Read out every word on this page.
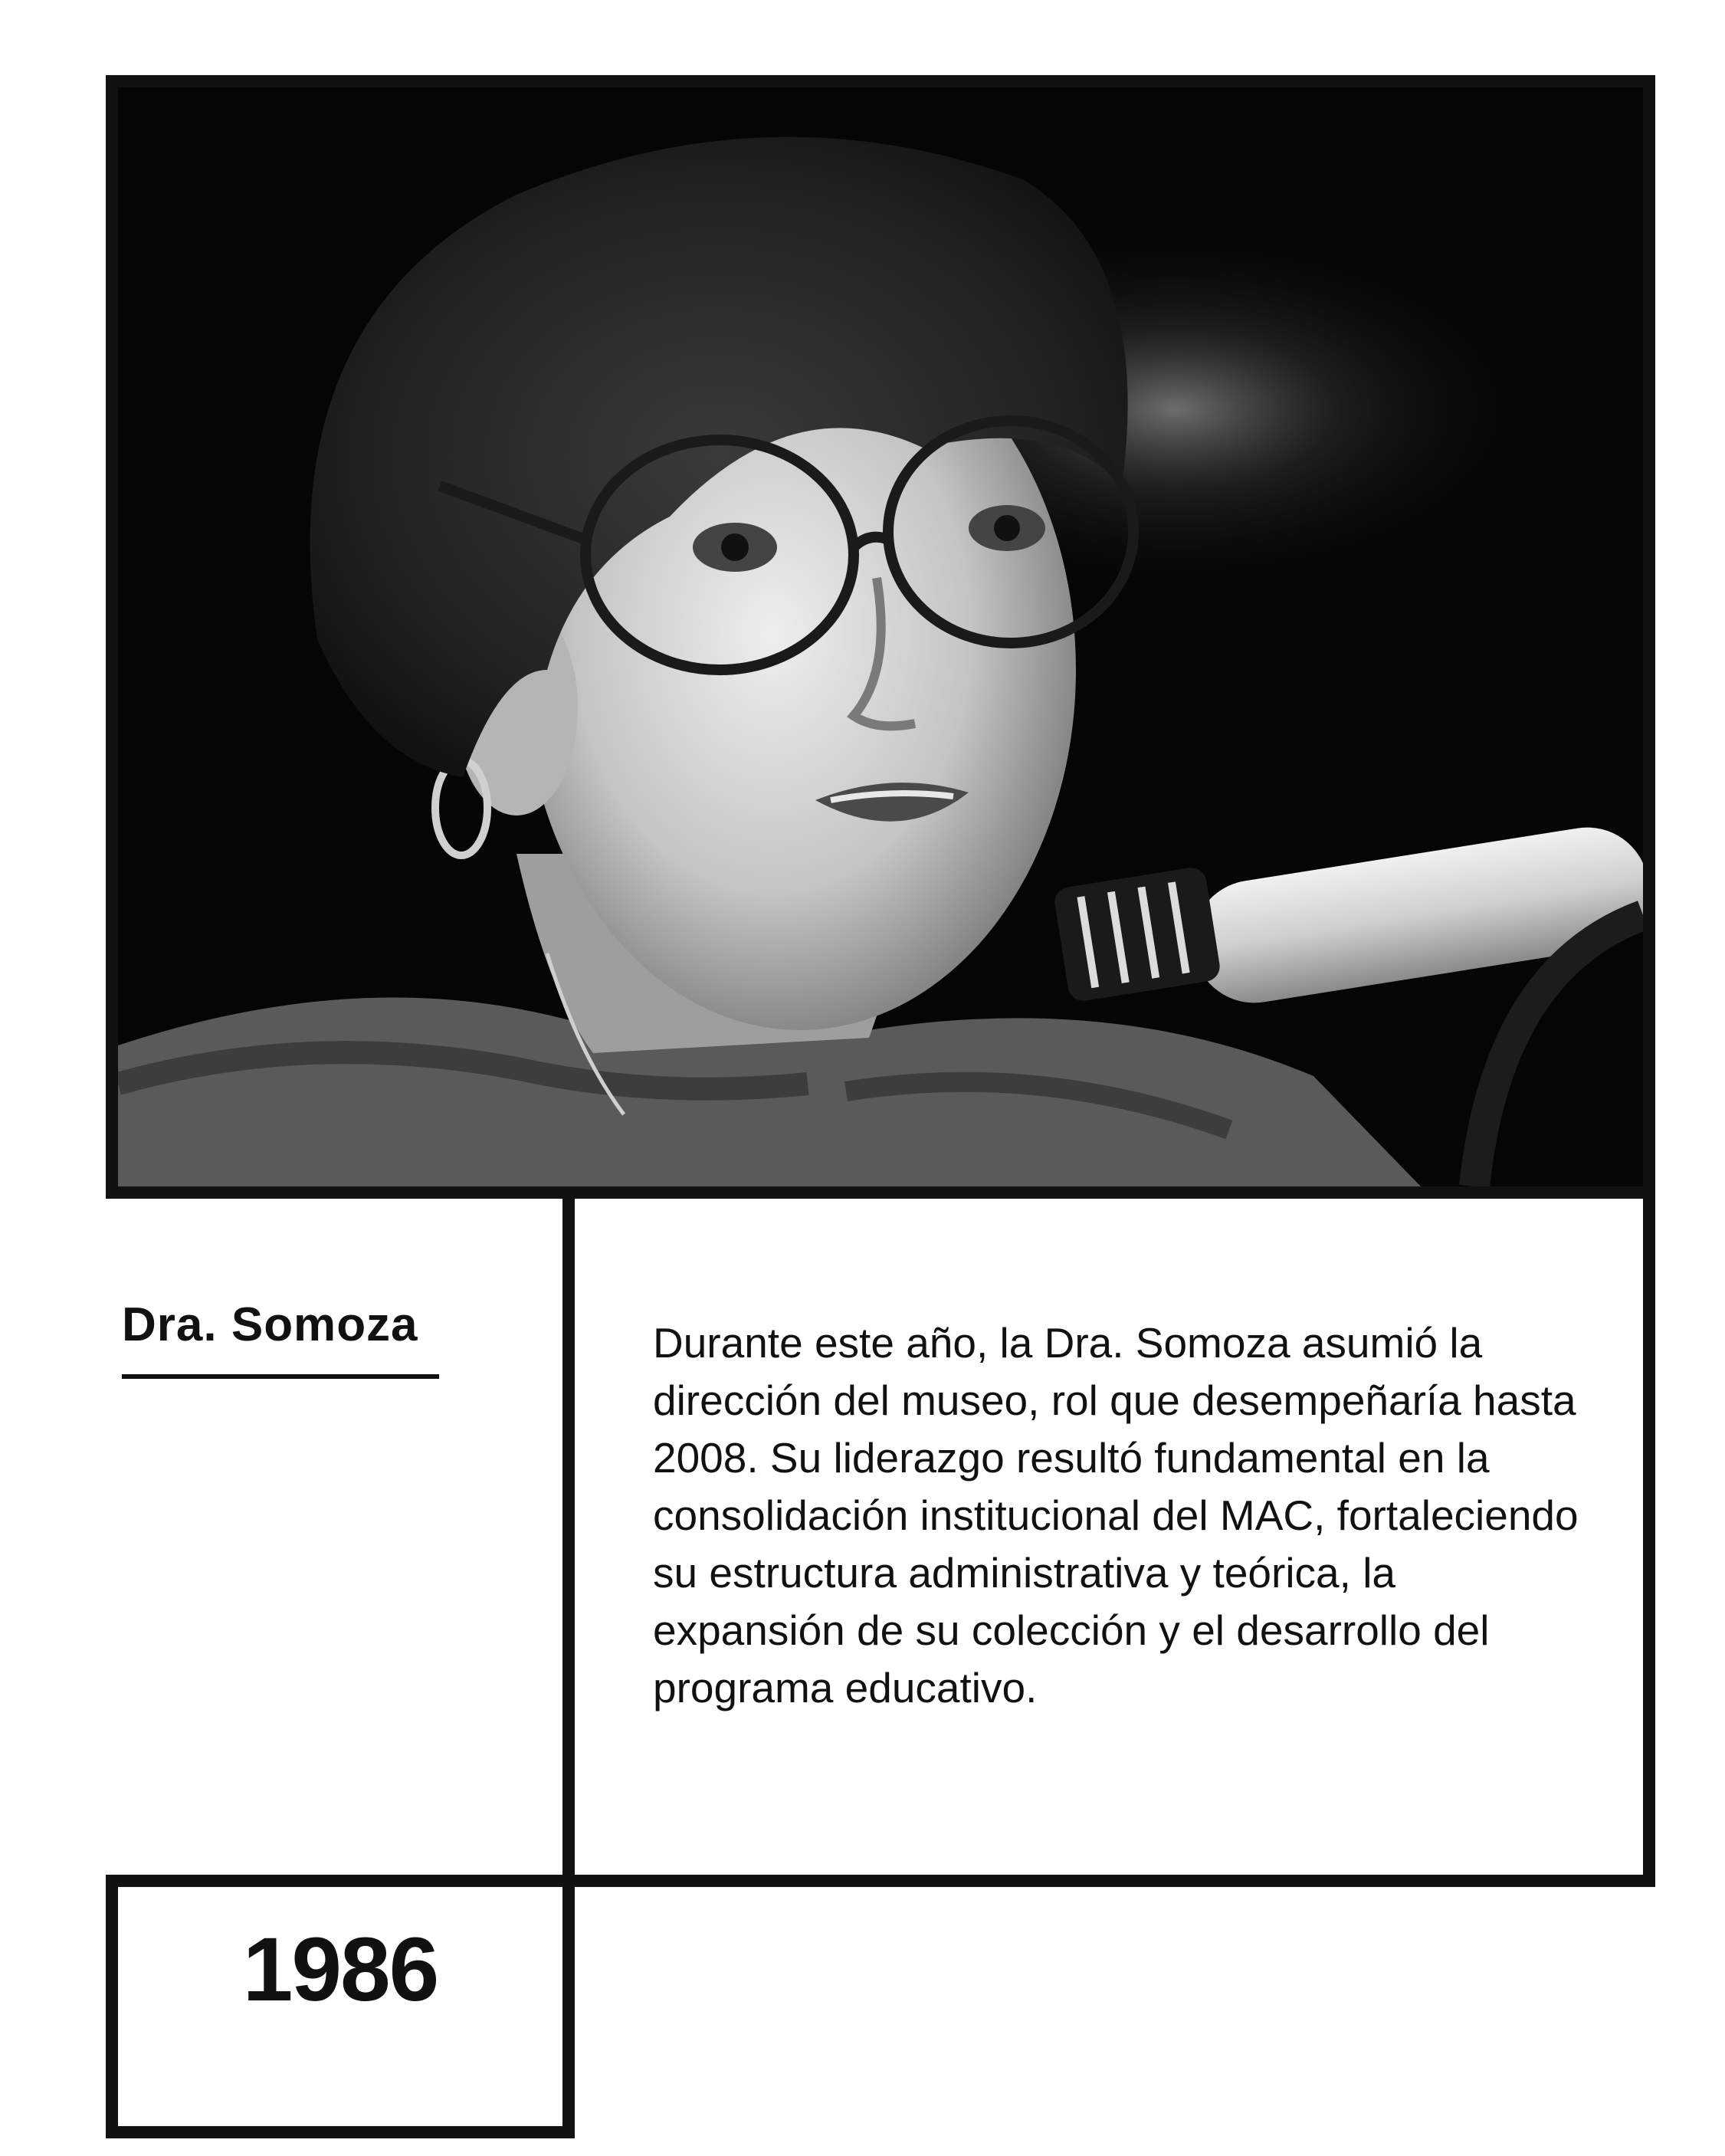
Dra. Somoza	Durante este año, la Dra. Somoza asumió la dirección del museo, rol que desempeñaría hasta 2008. Su liderazgo resultó fundamental en la consolidación institucional del MAC, fortaleciendo su estructura administrativa y teórica, la expansión de su colección y el desarrollo del programa educativo.

1986
